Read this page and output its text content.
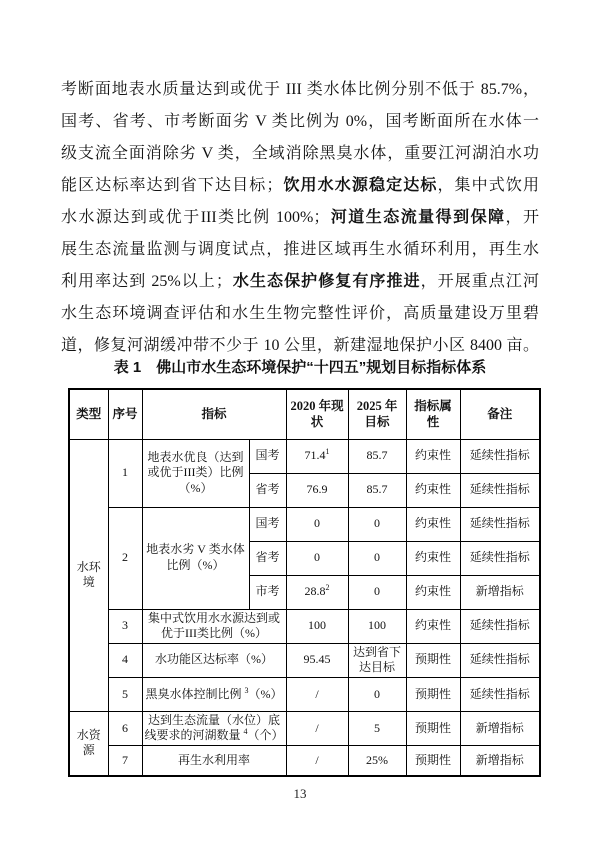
考断面地表水质量达到或优于 III 类水体比例分别不低于 85.7%，
国考、省考、市考断面劣 V 类比例为 0%，国考断面所在水体一
级支流全面消除劣 V 类，全域消除黑臭水体，重要江河湖泊水功
能区达标率达到省下达目标；饮用水水源稳定达标，集中式饮用
水水源达到或优于III类比例 100%；河道生态流量得到保障，开
展生态流量监测与调度试点，推进区域再生水循环利用，再生水
利用率达到 25%以上；水生态保护修复有序推进，开展重点江河
水生态环境调查评估和水生生物完整性评价，高质量建设万里碧
道，修复河湖缓冲带不少于 10 公里，新建湿地保护小区 8400 亩。
表 1　佛山市水生态环境保护“十四五”规划目标指标体系
类型	序号	指标		2020 年现状	2025 年目标	指标属性	备注
水环境	1	地表水优良（达到或优于III类）比例（%）	国考	71.4$^1$	85.7	约束性	延续性指标
			省考	76.9	85.7	约束性	延续性指标
	2	地表水劣 V 类水体比例（%）	国考	0	0	约束性	延续性指标
			省考	0	0	约束性	延续性指标
			市考	28.8$^2$	0	约束性	新增指标
	3	集中式饮用水水源达到或优于III类比例（%）		100	100	约束性	延续性指标
	4	水功能区达标率（%）		95.45	达到省下达目标	预期性	延续性指标
	5	黑臭水体控制比例 $^3$（%）		/	0	预期性	延续性指标
水资源	6	达到生态流量（水位）底线要求的河湖数量 $^4$（个）		/	5	预期性	新增指标
	7	再生水利用率		/	25%	预期性	新增指标
13
